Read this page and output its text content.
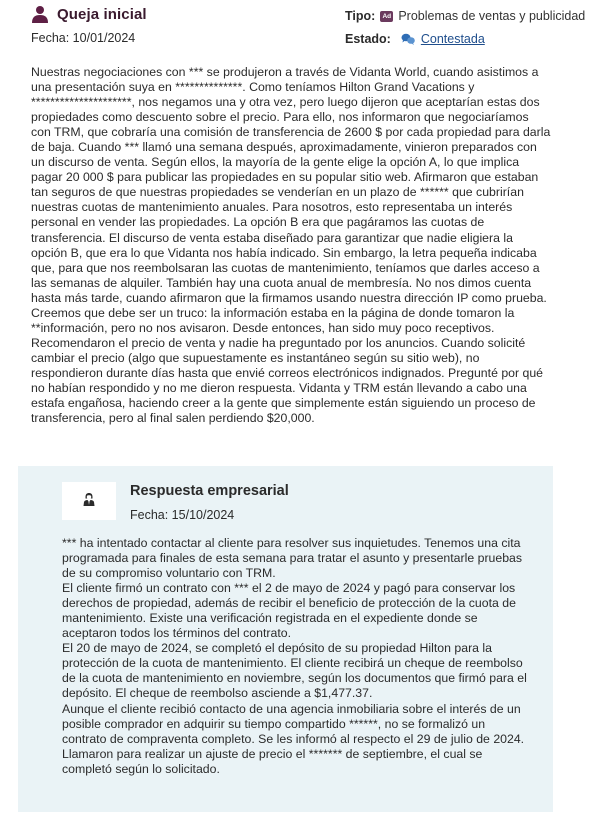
Queja inicial
Fecha: 10/01/2024
Tipo:	Ad Problemas de ventas y publicidad
Estado: Contestada
Nuestras negociaciones con *** se produjeron a través de Vidanta World, cuando asistimos a una presentación suya en **************. Como teníamos Hilton Grand Vacations y *********************, nos negamos una y otra vez, pero luego dijeron que aceptarían estas dos propiedades como descuento sobre el precio. Para ello, nos informaron que negociaríamos con TRM, que cobraría una comisión de transferencia de 2600 $ por cada propiedad para darla de baja. Cuando *** llamó una semana después, aproximadamente, vinieron preparados con un discurso de venta. Según ellos, la mayoría de la gente elige la opción A, lo que implica pagar 20 000 $ para publicar las propiedades en su popular sitio web. Afirmaron que estaban tan seguros de que nuestras propiedades se venderían en un plazo de ****** que cubrirían nuestras cuotas de mantenimiento anuales. Para nosotros, esto representaba un interés personal en vender las propiedades. La opción B era que pagáramos las cuotas de transferencia. El discurso de venta estaba diseñado para garantizar que nadie eligiera la opción B, que era lo que Vidanta nos había indicado. Sin embargo, la letra pequeña indicaba que, para que nos reembolsaran las cuotas de mantenimiento, teníamos que darles acceso a las semanas de alquiler. También hay una cuota anual de membresía. No nos dimos cuenta hasta más tarde, cuando afirmaron que la firmamos usando nuestra dirección IP como prueba. Creemos que debe ser un truco: la información estaba en la página de donde tomaron la **información, pero no nos avisaron. Desde entonces, han sido muy poco receptivos. Recomendaron el precio de venta y nadie ha preguntado por los anuncios. Cuando solicité cambiar el precio (algo que supuestamente es instantáneo según su sitio web), no respondieron durante días hasta que envié correos electrónicos indignados. Pregunté por qué no habían respondido y no me dieron respuesta. Vidanta y TRM están llevando a cabo una estafa engañosa, haciendo creer a la gente que simplemente están siguiendo un proceso de transferencia, pero al final salen perdiendo $20,000.
Respuesta empresarial
Fecha: 15/10/2024

*** ha intentado contactar al cliente para resolver sus inquietudes. Tenemos una cita programada para finales de esta semana para tratar el asunto y presentarle pruebas de su compromiso voluntario con TRM.

El cliente firmó un contrato con *** el 2 de mayo de 2024 y pagó para conservar los derechos de propiedad, además de recibir el beneficio de protección de la cuota de mantenimiento. Existe una verificación registrada en el expediente donde se aceptaron todos los términos del contrato.

El 20 de mayo de 2024, se completó el depósito de su propiedad Hilton para la protección de la cuota de mantenimiento. El cliente recibirá un cheque de reembolso de la cuota de mantenimiento en noviembre, según los documentos que firmó para el depósito. El cheque de reembolso asciende a $1,477.37.

Aunque el cliente recibió contacto de una agencia inmobiliaria sobre el interés de un posible comprador en adquirir su tiempo compartido ******, no se formalizó un contrato de compraventa completo. Se les informó al respecto el 29 de julio de 2024.

Llamaron para realizar un ajuste de precio el ******* de septiembre, el cual se completó según lo solicitado.
